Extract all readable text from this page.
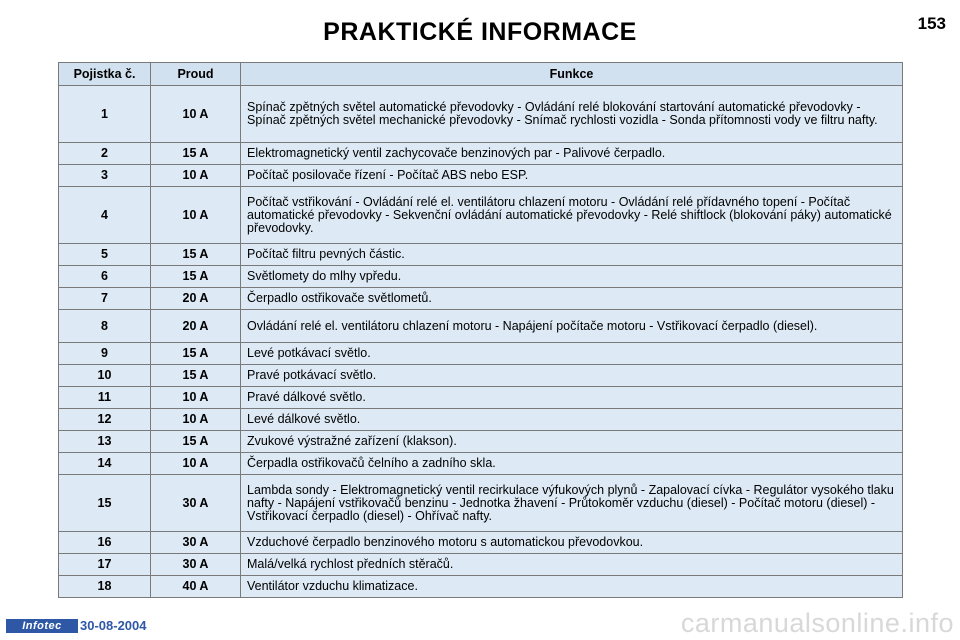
PRAKTICKÉ INFORMACE	153
Pojistka č.	Proud	Funkce
1	10 A	Spínač zpětných světel automatické převodovky - Ovládání relé blokování startování automatické převodovky - Spínač zpětných světel mechanické převodovky - Snímač rychlosti vozidla - Sonda přítomnosti vody ve filtru nafty.
2	15 A	Elektromagnetický ventil zachycovače benzinových par - Palivové čerpadlo.
3	10 A	Počítač posilovače řízení - Počítač ABS nebo ESP.
4	10 A	Počítač vstřikování - Ovládání relé el. ventilátoru chlazení motoru - Ovládání relé přídavného topení - Počítač automatické převodovky - Sekvenční ovládání automatické převodovky - Relé shiftlock (blokování páky) automatické převodovky.
5	15 A	Počítač filtru pevných částic.
6	15 A	Světlomety do mlhy vpředu.
7	20 A	Čerpadlo ostřikovače světlometů.
8	20 A	Ovládání relé el. ventilátoru chlazení motoru - Napájení počítače motoru - Vstřikovací čerpadlo (diesel).
9	15 A	Levé potkávací světlo.
10	15 A	Pravé potkávací světlo.
11	10 A	Pravé dálkové světlo.
12	10 A	Levé dálkové světlo.
13	15 A	Zvukové výstražné zařízení (klakson).
14	10 A	Čerpadla ostřikovačů čelního a zadního skla.
15	30 A	Lambda sondy - Elektromagnetický ventil recirkulace výfukových plynů - Zapalovací cívka - Regulátor vysokého tlaku nafty - Napájení vstřikovačů benzinu - Jednotka žhavení - Průtokoměr vzduchu (diesel) - Počítač motoru (diesel) - Vstřikovací čerpadlo (diesel) - Ohřívač nafty.
16	30 A	Vzduchové čerpadlo benzinového motoru s automatickou převodovkou.
17	30 A	Malá/velká rychlost předních stěračů.
18	40 A	Ventilátor vzduchu klimatizace.
Infotec	30-08-2004	carmanualsonline.info
